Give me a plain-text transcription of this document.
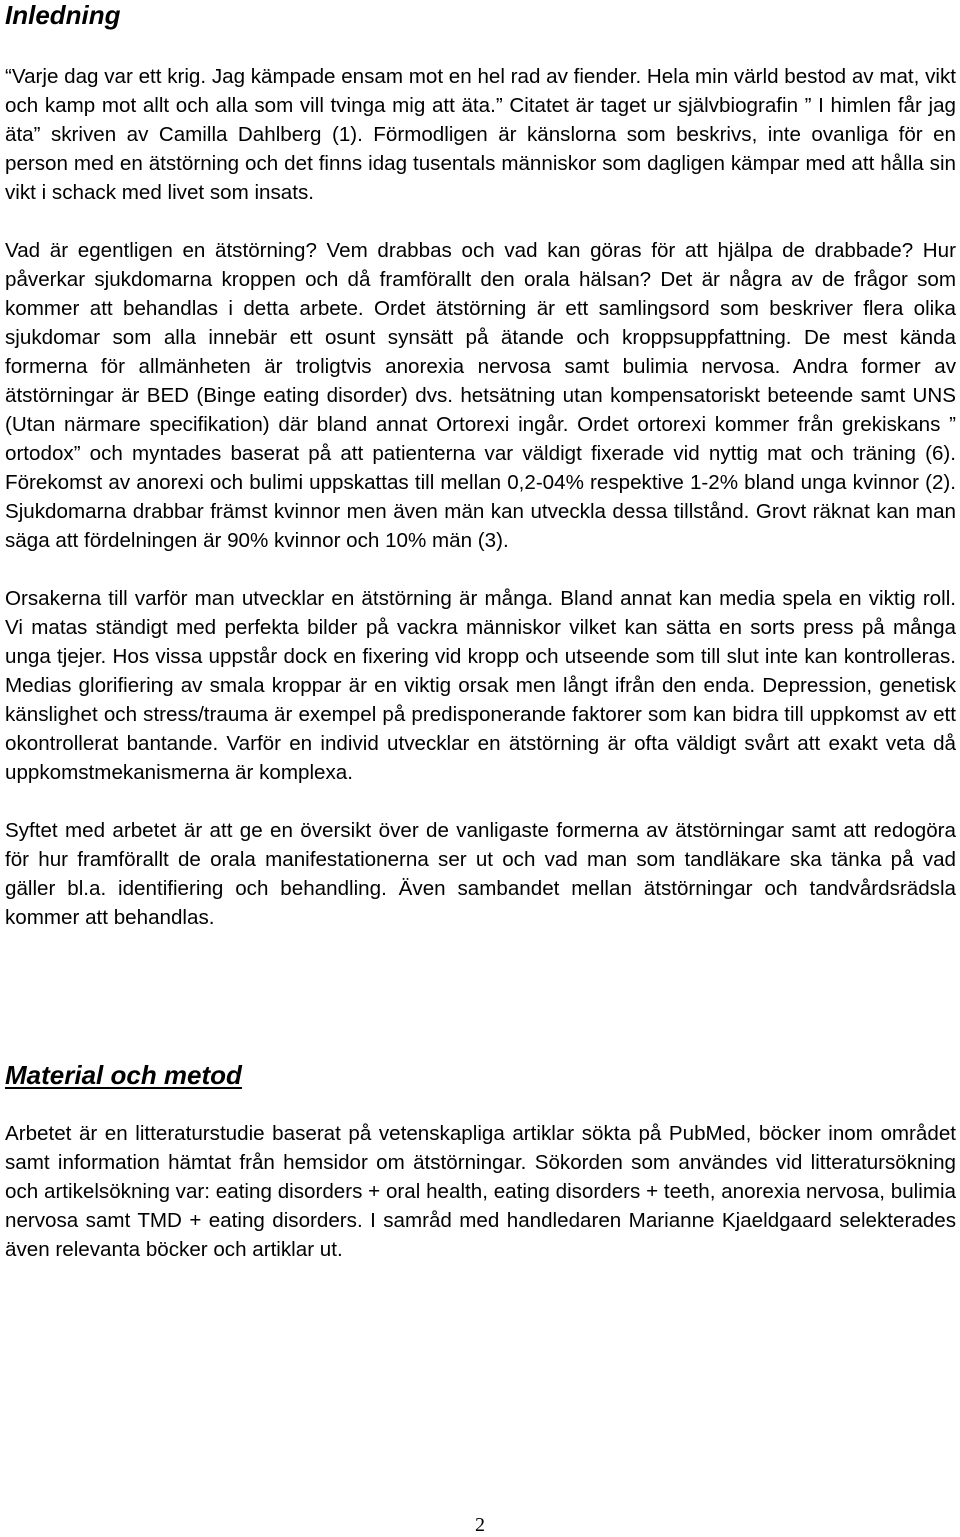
Inledning

“Varje dag var ett krig. Jag kämpade ensam mot en hel rad av fiender. Hela min värld bestod av mat, vikt och kamp mot allt och alla som vill tvinga mig att äta.” Citatet är taget ur självbiografin ” I himlen får jag äta” skriven av Camilla Dahlberg (1). Förmodligen är känslorna som beskrivs, inte ovanliga för en person med en ätstörning och det finns idag tusentals människor som dagligen kämpar med att hålla sin vikt i schack med livet som insats.

Vad är egentligen en ätstörning? Vem drabbas och vad kan göras för att hjälpa de drabbade? Hur påverkar sjukdomarna kroppen och då framförallt den orala hälsan? Det är några av de frågor som kommer att behandlas i detta arbete. Ordet ätstörning är ett samlingsord som beskriver flera olika sjukdomar som alla innebär ett osunt synsätt på ätande och kroppsuppfattning. De mest kända formerna för allmänheten är troligtvis anorexia nervosa samt bulimia nervosa. Andra former av ätstörningar är BED (Binge eating disorder) dvs. hetsätning utan kompensatoriskt beteende samt UNS (Utan närmare specifikation) där bland annat Ortorexi ingår. Ordet ortorexi kommer från grekiskans ” ortodox” och myntades baserat på att patienterna var väldigt fixerade vid nyttig mat och träning (6). Förekomst av anorexi och bulimi uppskattas till mellan 0,2-04% respektive 1-2% bland unga kvinnor (2). Sjukdomarna drabbar främst kvinnor men även män kan utveckla dessa tillstånd. Grovt räknat kan man säga att fördelningen är 90% kvinnor och 10% män (3).

Orsakerna till varför man utvecklar en ätstörning är många. Bland annat kan media spela en viktig roll. Vi matas ständigt med perfekta bilder på vackra människor vilket kan sätta en sorts press på många unga tjejer. Hos vissa uppstår dock en fixering vid kropp och utseende som till slut inte kan kontrolleras. Medias glorifiering av smala kroppar är en viktig orsak men långt ifrån den enda. Depression, genetisk känslighet och stress/trauma är exempel på predisponerande faktorer som kan bidra till uppkomst av ett okontrollerat bantande. Varför en individ utvecklar en ätstörning är ofta väldigt svårt att exakt veta då uppkomstmekanismerna är komplexa.

Syftet med arbetet är att ge en översikt över de vanligaste formerna av ätstörningar samt att redogöra för hur framförallt de orala manifestationerna ser ut och vad man som tandläkare ska tänka på vad gäller bl.a. identifiering och behandling. Även sambandet mellan ätstörningar och tandvårdsrädsla kommer att behandlas.

Material och metod

Arbetet är en litteraturstudie baserat på vetenskapliga artiklar sökta på PubMed, böcker inom området samt information hämtat från hemsidor om ätstörningar. Sökorden som användes vid litteratursökning och artikelsökning var: eating disorders + oral health, eating disorders + teeth, anorexia nervosa, bulimia nervosa samt TMD + eating disorders. I samråd med handledaren Marianne Kjaeldgaard selekterades även relevanta böcker och artiklar ut.

2
